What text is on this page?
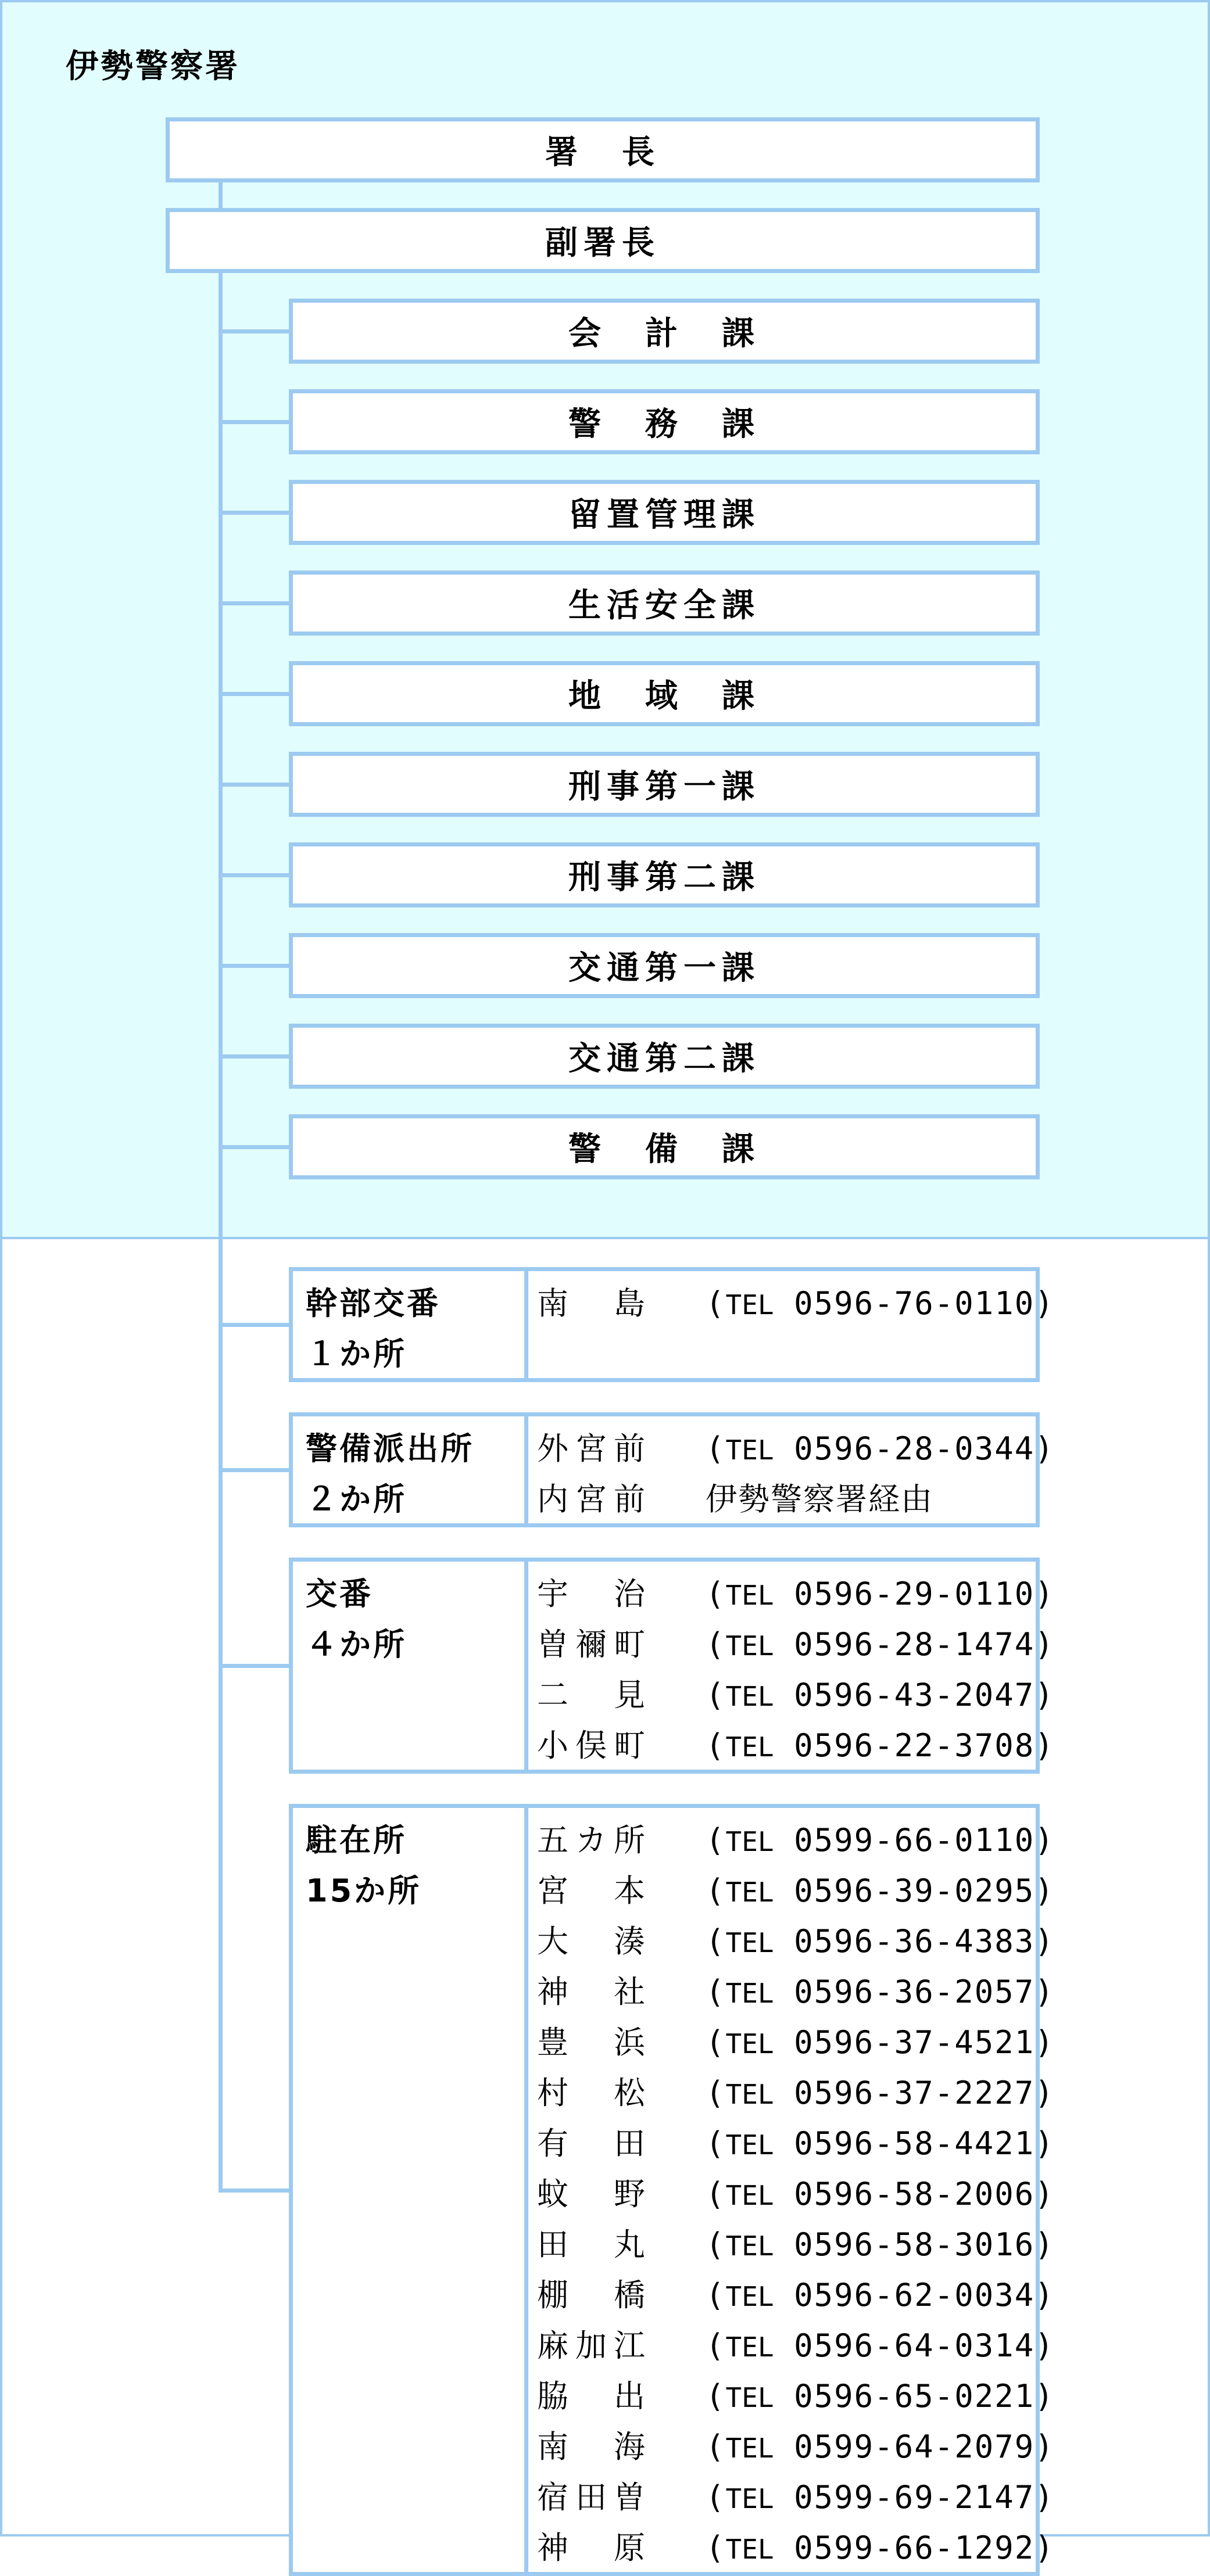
伊勢警察署
署　長
副署長
会　計　課
警　務　課
留置管理課
生活安全課
地　域　課
刑事第一課
刑事第二課
交通第一課
交通第二課
警　備　課
幹部交番
１か所
南　島	(TEL 0596-76-0110)
警備派出所
２か所
外宮前	(TEL 0596-28-0344)
内宮前	伊勢警察署経由
交番
４か所
宇　治	(TEL 0596-29-0110)
曽禰町	(TEL 0596-28-1474)
二　見	(TEL 0596-43-2047)
小俣町	(TEL 0596-22-3708)
駐在所
15か所
五カ所	(TEL 0599-66-0110)
宮　本	(TEL 0596-39-0295)
大　湊	(TEL 0596-36-4383)
神　社	(TEL 0596-36-2057)
豊　浜	(TEL 0596-37-4521)
村　松	(TEL 0596-37-2227)
有　田	(TEL 0596-58-4421)
蚊　野	(TEL 0596-58-2006)
田　丸	(TEL 0596-58-3016)
棚　橋	(TEL 0596-62-0034)
麻加江	(TEL 0596-64-0314)
脇　出	(TEL 0596-65-0221)
南　海	(TEL 0599-64-2079)
宿田曽	(TEL 0599-69-2147)
神　原	(TEL 0599-66-1292)
